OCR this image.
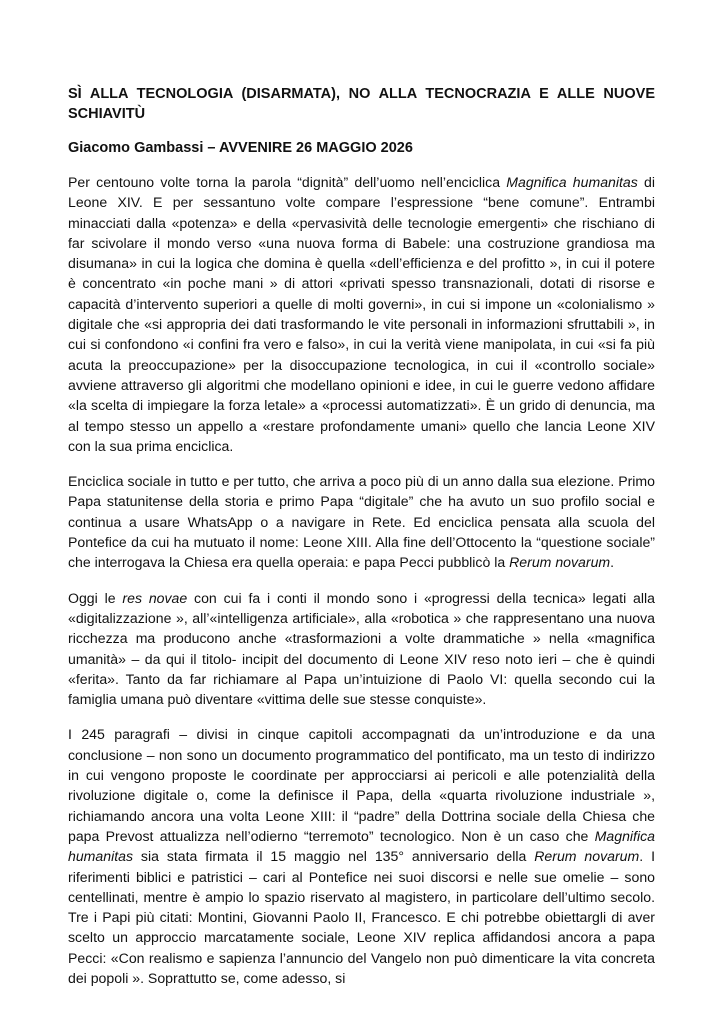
SÌ ALLA TECNOLOGIA (DISARMATA), NO ALLA TECNOCRAZIA E ALLE NUOVE SCHIAVITÙ

Giacomo Gambassi – AVVENIRE 26 MAGGIO 2026

Per centouno volte torna la parola “dignità” dell’uomo nell’enciclica Magnifica humanitas di Leone XIV. E per sessantuno volte compare l’espressione “bene comune”. Entrambi minacciati dalla «potenza» e della «pervasività delle tecnologie emergenti» che rischiano di far scivolare il mondo verso «una nuova forma di Babele: una costruzione grandiosa ma disumana» in cui la logica che domina è quella «dell’efficienza e del profitto », in cui il potere è concentrato «in poche mani » di attori «privati spesso transnazionali, dotati di risorse e capacità d’intervento superiori a quelle di molti governi», in cui si impone un «colonialismo » digitale che «si appropria dei dati trasformando le vite personali in informazioni sfruttabili », in cui si confondono «i confini fra vero e falso», in cui la verità viene manipolata, in cui «si fa più acuta la preoccupazione» per la disoccupazione tecnologica, in cui il «controllo sociale» avviene attraverso gli algoritmi che modellano opinioni e idee, in cui le guerre vedono affidare «la scelta di impiegare la forza letale» a «processi automatizzati». È un grido di denuncia, ma al tempo stesso un appello a «restare profondamente umani» quello che lancia Leone XIV con la sua prima enciclica.

Enciclica sociale in tutto e per tutto, che arriva a poco più di un anno dalla sua elezione. Primo Papa statunitense della storia e primo Papa “digitale” che ha avuto un suo profilo social e continua a usare WhatsApp o a navigare in Rete. Ed enciclica pensata alla scuola del Pontefice da cui ha mutuato il nome: Leone XIII. Alla fine dell’Ottocento la “questione sociale” che interrogava la Chiesa era quella operaia: e papa Pecci pubblicò la Rerum novarum.

Oggi le res novae con cui fa i conti il mondo sono i «progressi della tecnica» legati alla «digitalizzazione », all’«intelligenza artificiale», alla «robotica » che rappresentano una nuova ricchezza ma producono anche «trasformazioni a volte drammatiche » nella «magnifica umanità» – da qui il titolo- incipit del documento di Leone XIV reso noto ieri – che è quindi «ferita». Tanto da far richiamare al Papa un’intuizione di Paolo VI: quella secondo cui la famiglia umana può diventare «vittima delle sue stesse conquiste».

I 245 paragrafi – divisi in cinque capitoli accompagnati da un’introduzione e da una conclusione – non sono un documento programmatico del pontificato, ma un testo di indirizzo in cui vengono proposte le coordinate per approcciarsi ai pericoli e alle potenzialità della rivoluzione digitale o, come la definisce il Papa, della «quarta rivoluzione industriale », richiamando ancora una volta Leone XIII: il “padre” della Dottrina sociale della Chiesa che papa Prevost attualizza nell’odierno “terremoto” tecnologico. Non è un caso che Magnifica humanitas sia stata firmata il 15 maggio nel 135° anniversario della Rerum novarum. I riferimenti biblici e patristici – cari al Pontefice nei suoi discorsi e nelle sue omelie – sono centellinati, mentre è ampio lo spazio riservato al magistero, in particolare dell’ultimo secolo. Tre i Papi più citati: Montini, Giovanni Paolo II, Francesco. E chi potrebbe obiettargli di aver scelto un approccio marcatamente sociale, Leone XIV replica affidandosi ancora a papa Pecci: «Con realismo e sapienza l’annuncio del Vangelo non può dimenticare la vita concreta dei popoli ». Soprattutto se, come adesso, si
